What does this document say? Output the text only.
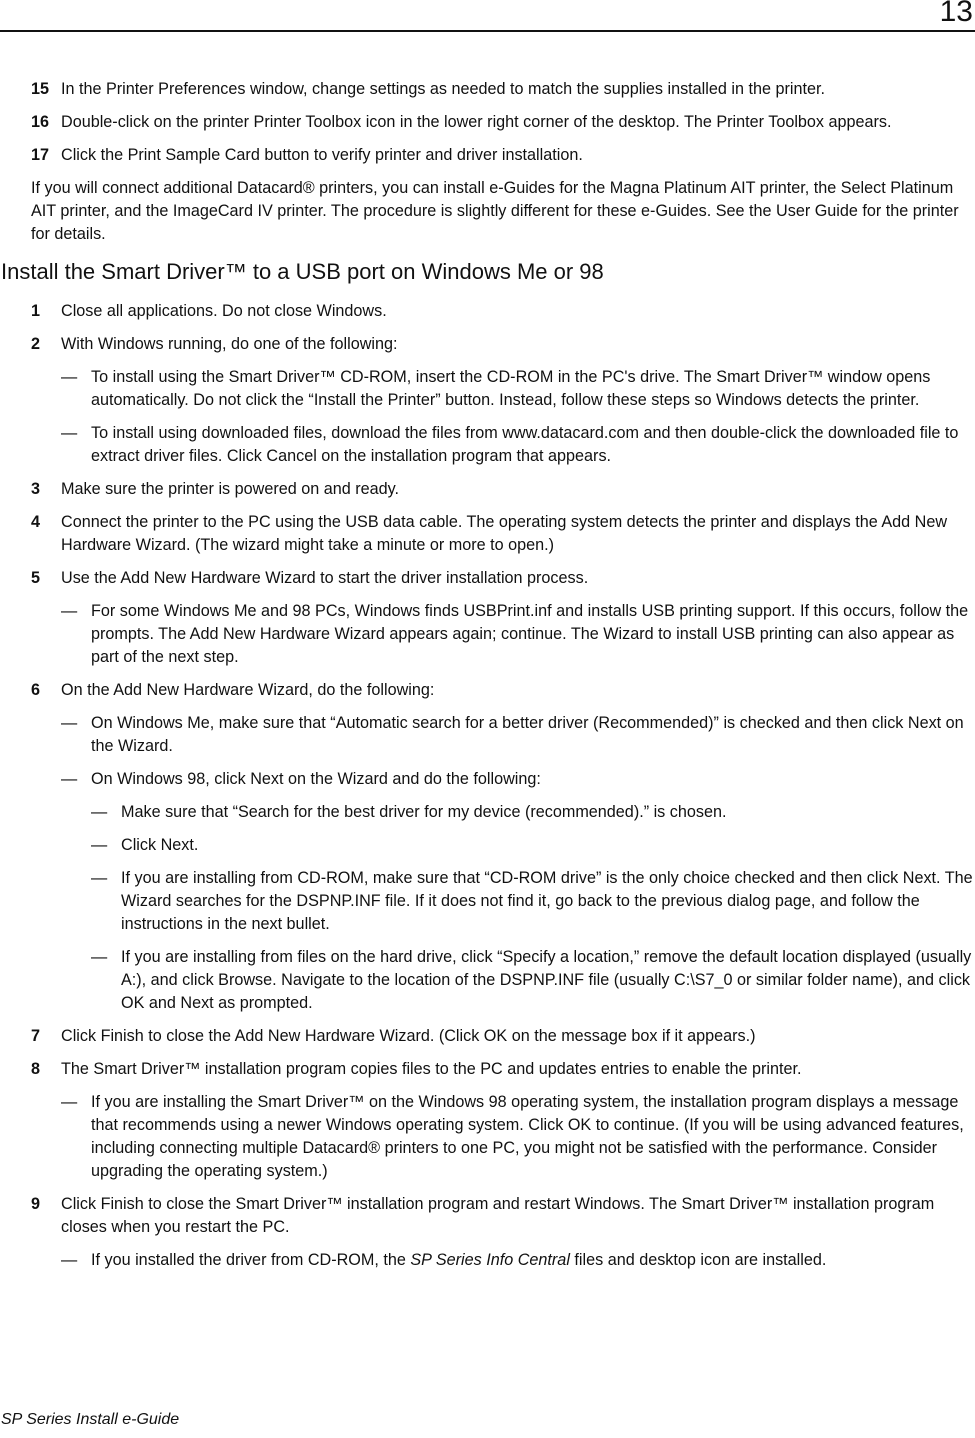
13
15 In the Printer Preferences window, change settings as needed to match the supplies installed in the printer.
16 Double-click on the printer Printer Toolbox icon in the lower right corner of the desktop. The Printer Toolbox appears.
17 Click the Print Sample Card button to verify printer and driver installation.
If you will connect additional Datacard® printers, you can install e-Guides for the Magna Platinum AIT printer, the Select Platinum AIT printer, and the ImageCard IV printer. The procedure is slightly different for these e-Guides. See the User Guide for the printer for details.
Install the Smart Driver™ to a USB port on Windows Me or 98
1 Close all applications. Do not close Windows.
2 With Windows running, do one of the following:
— To install using the Smart Driver™ CD-ROM, insert the CD-ROM in the PC's drive. The Smart Driver™ window opens automatically. Do not click the “Install the Printer” button. Instead, follow these steps so Windows detects the printer.
— To install using downloaded files, download the files from www.datacard.com and then double-click the downloaded file to extract driver files. Click Cancel on the installation program that appears.
3 Make sure the printer is powered on and ready.
4 Connect the printer to the PC using the USB data cable. The operating system detects the printer and displays the Add New Hardware Wizard. (The wizard might take a minute or more to open.)
5 Use the Add New Hardware Wizard to start the driver installation process.
— For some Windows Me and 98 PCs, Windows finds USBPrint.inf and installs USB printing support. If this occurs, follow the prompts. The Add New Hardware Wizard appears again; continue. The Wizard to install USB printing can also appear as part of the next step.
6 On the Add New Hardware Wizard, do the following:
— On Windows Me, make sure that “Automatic search for a better driver (Recommended)” is checked and then click Next on the Wizard.
— On Windows 98, click Next on the Wizard and do the following:
— Make sure that “Search for the best driver for my device (recommended).” is chosen.
— Click Next.
— If you are installing from CD-ROM, make sure that “CD-ROM drive” is the only choice checked and then click Next. The Wizard searches for the DSPNP.INF file. If it does not find it, go back to the previous dialog page, and follow the instructions in the next bullet.
— If you are installing from files on the hard drive, click “Specify a location,” remove the default location displayed (usually A:), and click Browse. Navigate to the location of the DSPNP.INF file (usually C:\S7_0 or similar folder name), and click OK and Next as prompted.
7 Click Finish to close the Add New Hardware Wizard. (Click OK on the message box if it appears.)
8 The Smart Driver™ installation program copies files to the PC and updates entries to enable the printer.
— If you are installing the Smart Driver™ on the Windows 98 operating system, the installation program displays a message that recommends using a newer Windows operating system. Click OK to continue. (If you will be using advanced features, including connecting multiple Datacard® printers to one PC, you might not be satisfied with the performance. Consider upgrading the operating system.)
9 Click Finish to close the Smart Driver™ installation program and restart Windows. The Smart Driver™ installation program closes when you restart the PC.
— If you installed the driver from CD-ROM, the SP Series Info Central files and desktop icon are installed.
SP Series Install e-Guide
